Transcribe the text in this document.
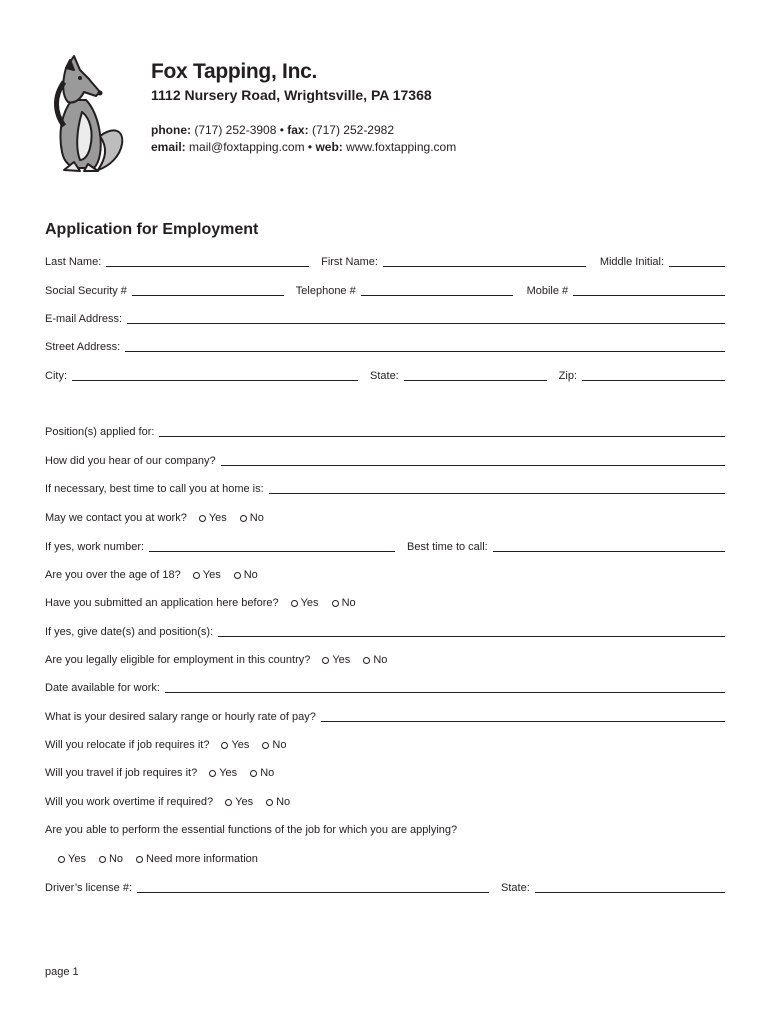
Fox Tapping, Inc.
1112 Nursery Road, Wrightsville, PA 17368
phone: (717) 252-3908 • fax: (717) 252-2982
email: mail@foxtapping.com • web: www.foxtapping.com
Application for Employment
Last Name:	First Name:	Middle Initial:
Social Security #	Telephone #	Mobile #
E-mail Address:
Street Address:
City:	State:	Zip:
Position(s) applied for:
How did you hear of our company?
If necessary, best time to call you at home is:
May we contact you at work? Yes No
If yes, work number:	Best time to call:
Are you over the age of 18? Yes No
Have you submitted an application here before? Yes No
If yes, give date(s) and position(s):
Are you legally eligible for employment in this country? Yes No
Date available for work:
What is your desired salary range or hourly rate of pay?
Will you relocate if job requires it? Yes No
Will you travel if job requires it? Yes No
Will you work overtime if required? Yes No
Are you able to perform the essential functions of the job for which you are applying?
Yes No Need more information
Driver’s license #:	State:
page 1
